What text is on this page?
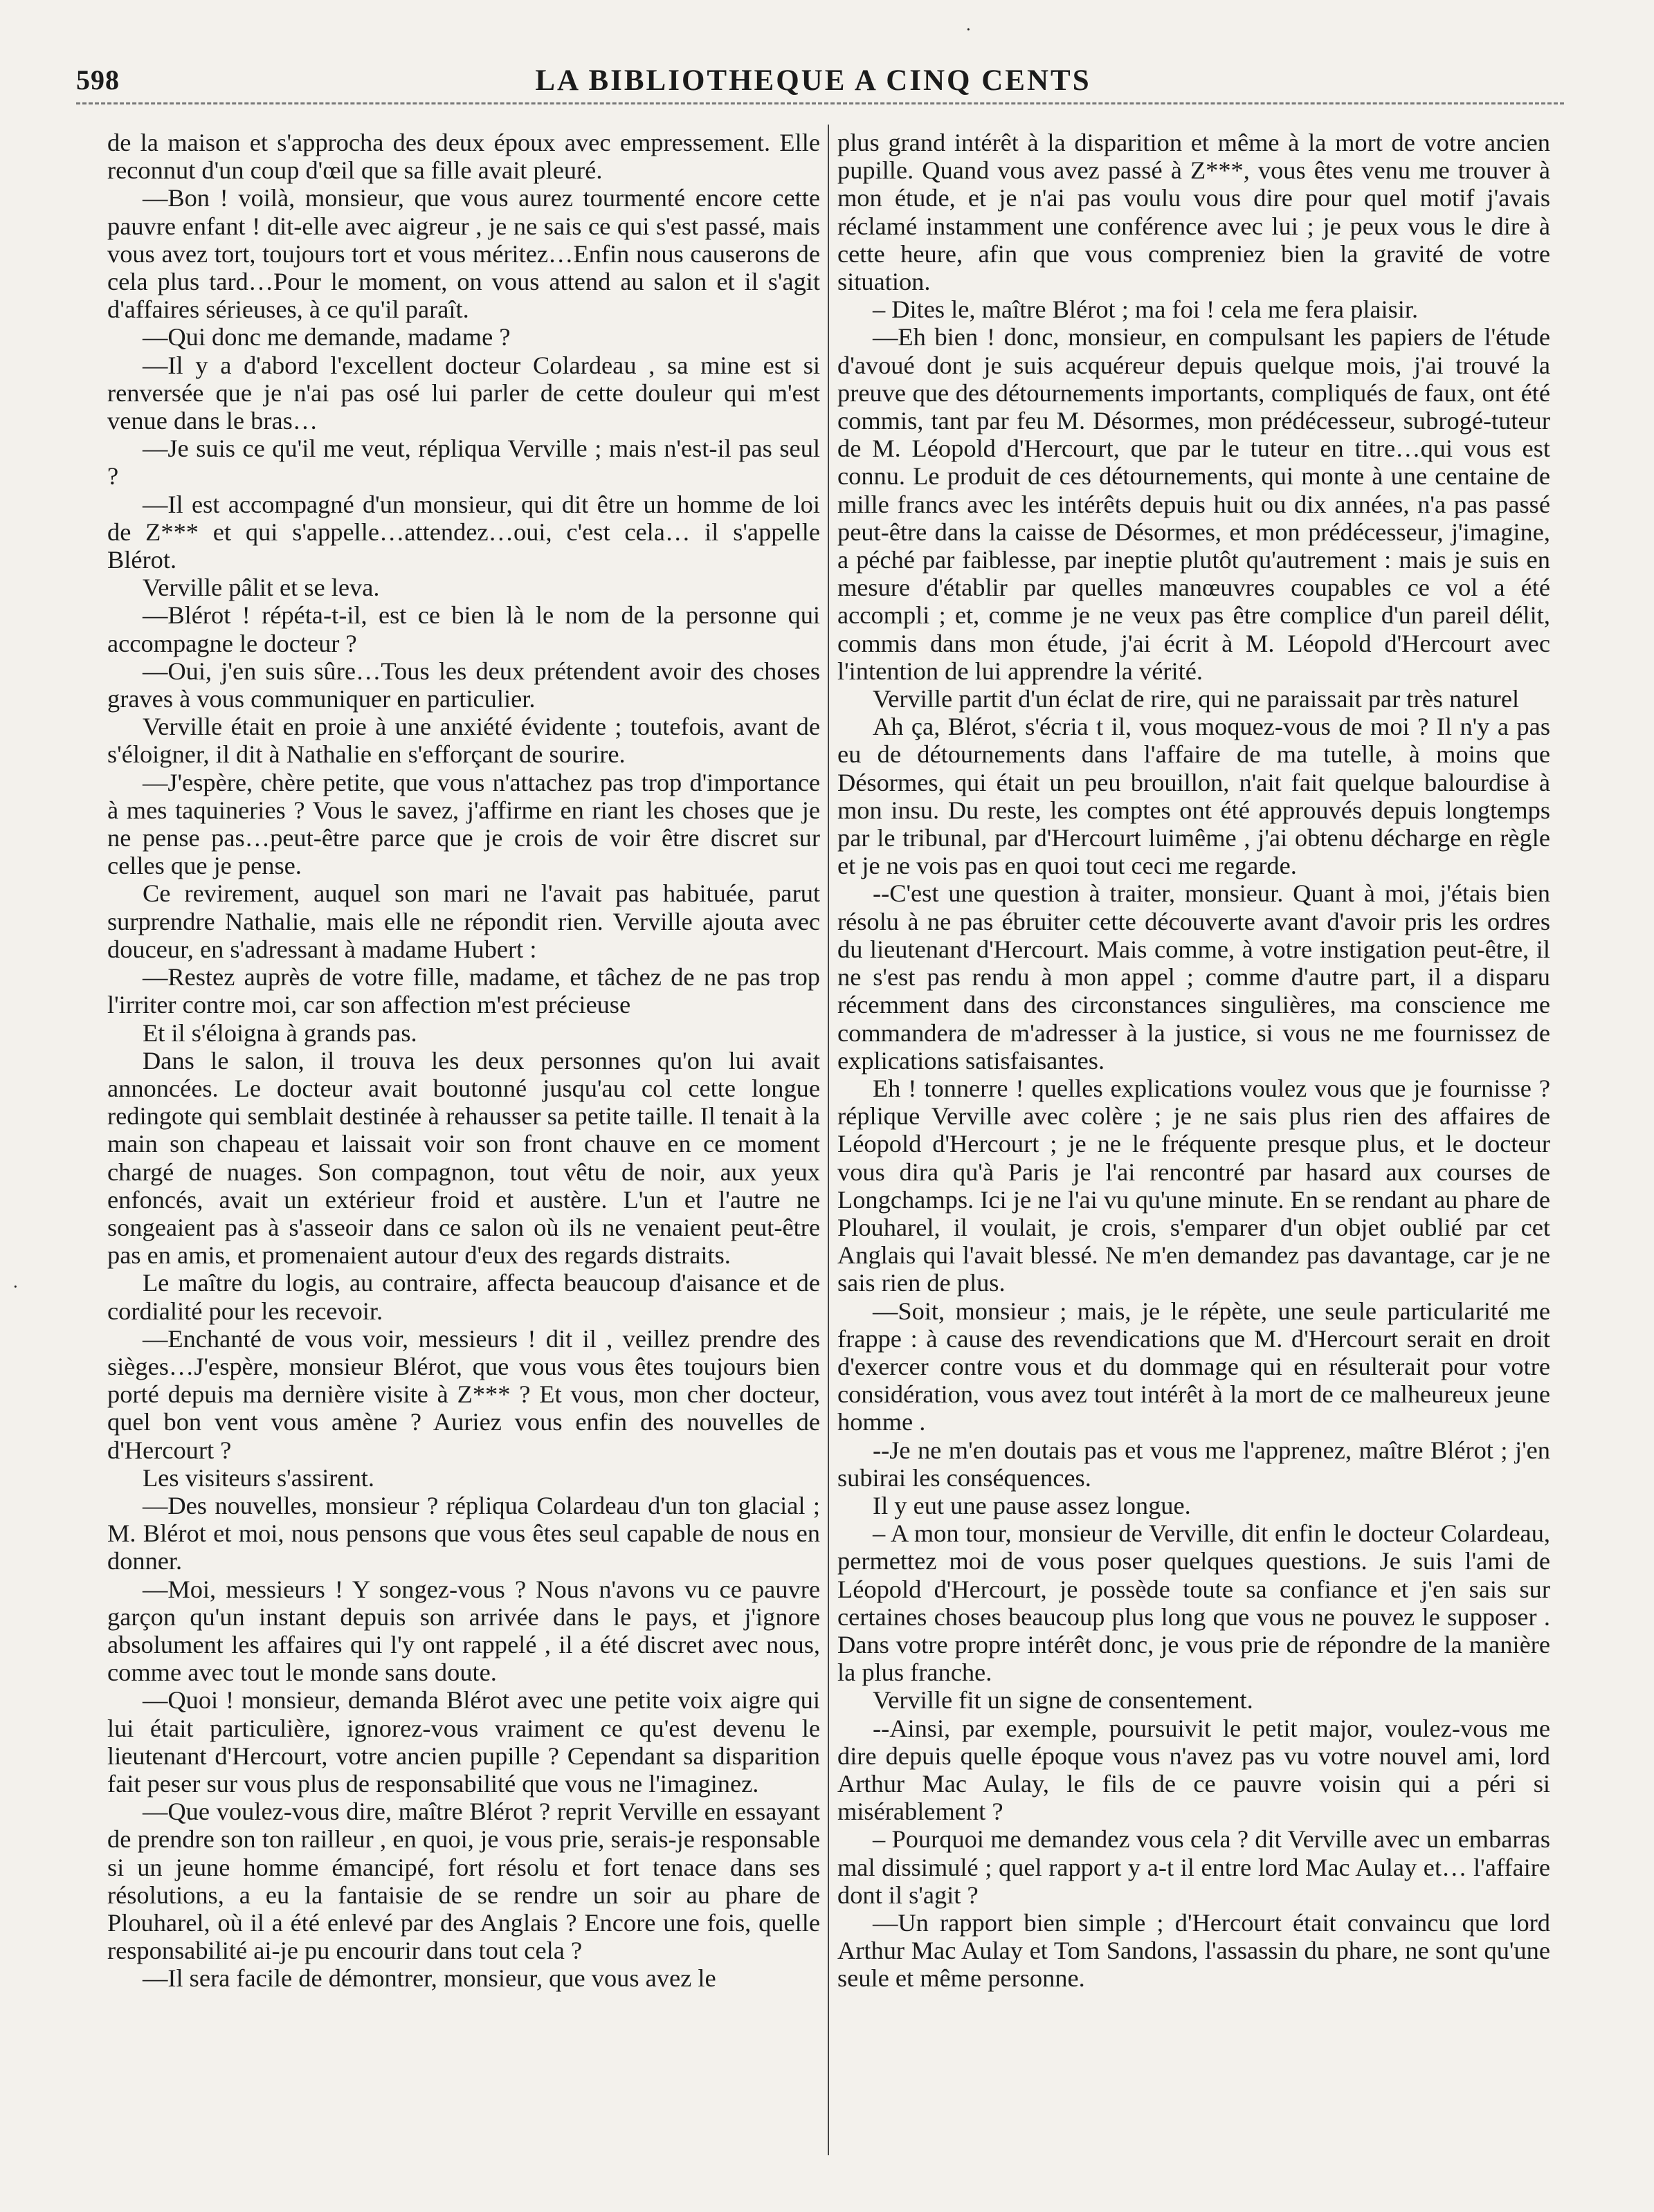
598	LA BIBLIOTHEQUE A CINQ CENTS
·
·

de la maison et s'approcha des deux époux avec empressement. Elle reconnut d'un coup d'œil que sa fille avait pleuré.

—Bon ! voilà, monsieur, que vous aurez tourmenté encore cette pauvre enfant ! dit-elle avec aigreur , je ne sais ce qui s'est passé, mais vous avez tort, toujours tort et vous méritez…Enfin nous causerons de cela plus tard…Pour le moment, on vous attend au salon et il s'agit d'affaires sérieuses, à ce qu'il paraît.

—Qui donc me demande, madame ?

—Il y a d'abord l'excellent docteur Colardeau , sa mine est si renversée que je n'ai pas osé lui parler de cette douleur qui m'est venue dans le bras…

—Je suis ce qu'il me veut, répliqua Verville ; mais n'est-il pas seul ?

—Il est accompagné d'un monsieur, qui dit être un homme de loi de Z*** et qui s'appelle…attendez…oui, c'est cela… il s'appelle Blérot.

Verville pâlit et se leva.

—Blérot ! répéta-t-il, est ce bien là le nom de la personne qui accompagne le docteur ?

—Oui, j'en suis sûre…Tous les deux prétendent avoir des choses graves à vous communiquer en particulier.

Verville était en proie à une anxiété évidente ; toutefois, avant de s'éloigner, il dit à Nathalie en s'efforçant de sourire.

—J'espère, chère petite, que vous n'attachez pas trop d'importance à mes taquineries ? Vous le savez, j'affirme en riant les choses que je ne pense pas…peut-être parce que je crois de voir être discret sur celles que je pense.

Ce revirement, auquel son mari ne l'avait pas habituée, parut surprendre Nathalie, mais elle ne répondit rien. Verville ajouta avec douceur, en s'adressant à madame Hubert :

—Restez auprès de votre fille, madame, et tâchez de ne pas trop l'irriter contre moi, car son affection m'est précieuse

Et il s'éloigna à grands pas.

Dans le salon, il trouva les deux personnes qu'on lui avait annoncées. Le docteur avait boutonné jusqu'au col cette longue redingote qui semblait destinée à rehausser sa petite taille. Il tenait à la main son chapeau et laissait voir son front chauve en ce moment chargé de nuages. Son compagnon, tout vêtu de noir, aux yeux enfoncés, avait un extérieur froid et austère. L'un et l'autre ne songeaient pas à s'asseoir dans ce salon où ils ne venaient peut-être pas en amis, et promenaient autour d'eux des regards distraits.

Le maître du logis, au contraire, affecta beaucoup d'aisance et de cordialité pour les recevoir.

—Enchanté de vous voir, messieurs ! dit il , veillez prendre des sièges…J'espère, monsieur Blérot, que vous vous êtes toujours bien porté depuis ma dernière visite à Z*** ? Et vous, mon cher docteur, quel bon vent vous amène ? Auriez vous enfin des nouvelles de d'Hercourt ?

Les visiteurs s'assirent.

—Des nouvelles, monsieur ? répliqua Colardeau d'un ton glacial ; M. Blérot et moi, nous pensons que vous êtes seul capable de nous en donner.

—Moi, messieurs ! Y songez-vous ? Nous n'avons vu ce pauvre garçon qu'un instant depuis son arrivée dans le pays, et j'ignore absolument les affaires qui l'y ont rappelé , il a été discret avec nous, comme avec tout le monde sans doute.

—Quoi ! monsieur, demanda Blérot avec une petite voix aigre qui lui était particulière, ignorez-vous vraiment ce qu'est devenu le lieutenant d'Hercourt, votre ancien pupille ? Cependant sa disparition fait peser sur vous plus de responsabilité que vous ne l'imaginez.

—Que voulez-vous dire, maître Blérot ? reprit Verville en essayant de prendre son ton railleur , en quoi, je vous prie, serais-je responsable si un jeune homme émancipé, fort résolu et fort tenace dans ses résolutions, a eu la fantaisie de se rendre un soir au phare de Plouharel, où il a été enlevé par des Anglais ? Encore une fois, quelle responsabilité ai-je pu encourir dans tout cela ?

—Il sera facile de démontrer, monsieur, que vous avez le

plus grand intérêt à la disparition et même à la mort de votre ancien pupille. Quand vous avez passé à Z***, vous êtes venu me trouver à mon étude, et je n'ai pas voulu vous dire pour quel motif j'avais réclamé instamment une conférence avec lui ; je peux vous le dire à cette heure, afin que vous compreniez bien la gravité de votre situation.

– Dites le, maître Blérot ; ma foi ! cela me fera plaisir.

—Eh bien ! donc, monsieur, en compulsant les papiers de l'étude d'avoué dont je suis acquéreur depuis quelque mois, j'ai trouvé la preuve que des détournements importants, compliqués de faux, ont été commis, tant par feu M. Désormes, mon prédécesseur, subrogé-tuteur de M. Léopold d'Hercourt, que par le tuteur en titre…qui vous est connu. Le produit de ces détournements, qui monte à une centaine de mille francs avec les intérêts depuis huit ou dix années, n'a pas passé peut-être dans la caisse de Désormes, et mon prédécesseur, j'imagine, a péché par faiblesse, par ineptie plutôt qu'autrement : mais je suis en mesure d'établir par quelles manœuvres coupables ce vol a été accompli ; et, comme je ne veux pas être complice d'un pareil délit, commis dans mon étude, j'ai écrit à M. Léopold d'Hercourt avec l'intention de lui apprendre la vérité.

Verville partit d'un éclat de rire, qui ne paraissait par très naturel

Ah ça, Blérot, s'écria t il, vous moquez-vous de moi ? Il n'y a pas eu de détournements dans l'affaire de ma tutelle, à moins que Désormes, qui était un peu brouillon, n'ait fait quelque balourdise à mon insu. Du reste, les comptes ont été approuvés depuis longtemps par le tribunal, par d'Hercourt luimême , j'ai obtenu décharge en règle et je ne vois pas en quoi tout ceci me regarde.

--C'est une question à traiter, monsieur. Quant à moi, j'étais bien résolu à ne pas ébruiter cette découverte avant d'avoir pris les ordres du lieutenant d'Hercourt. Mais comme, à votre instigation peut-être, il ne s'est pas rendu à mon appel ; comme d'autre part, il a disparu récemment dans des circonstances singulières, ma conscience me commandera de m'adresser à la justice, si vous ne me fournissez de explications satisfaisantes.

Eh ! tonnerre ! quelles explications voulez vous que je fournisse ? réplique Verville avec colère ; je ne sais plus rien des affaires de Léopold d'Hercourt ; je ne le fréquente presque plus, et le docteur vous dira qu'à Paris je l'ai rencontré par hasard aux courses de Longchamps. Ici je ne l'ai vu qu'une minute. En se rendant au phare de Plouharel, il voulait, je crois, s'emparer d'un objet oublié par cet Anglais qui l'avait blessé. Ne m'en demandez pas davantage, car je ne sais rien de plus.

—Soit, monsieur ; mais, je le répète, une seule particularité me frappe : à cause des revendications que M. d'Hercourt serait en droit d'exercer contre vous et du dommage qui en résulterait pour votre considération, vous avez tout intérêt à la mort de ce malheureux jeune homme .

--Je ne m'en doutais pas et vous me l'apprenez, maître Blérot ; j'en subirai les conséquences.

Il y eut une pause assez longue.

– A mon tour, monsieur de Verville, dit enfin le docteur Colardeau, permettez moi de vous poser quelques questions. Je suis l'ami de Léopold d'Hercourt, je possède toute sa confiance et j'en sais sur certaines choses beaucoup plus long que vous ne pouvez le supposer . Dans votre propre intérêt donc, je vous prie de répondre de la manière la plus franche.

Verville fit un signe de consentement.

--Ainsi, par exemple, poursuivit le petit major, voulez-vous me dire depuis quelle époque vous n'avez pas vu votre nouvel ami, lord Arthur Mac Aulay, le fils de ce pauvre voisin qui a péri si misérablement ?

– Pourquoi me demandez vous cela ? dit Verville avec un embarras mal dissimulé ; quel rapport y a-t il entre lord Mac Aulay et… l'affaire dont il s'agit ?

—Un rapport bien simple ; d'Hercourt était convaincu que lord Arthur Mac Aulay et Tom Sandons, l'assassin du phare, ne sont qu'une seule et même personne.
